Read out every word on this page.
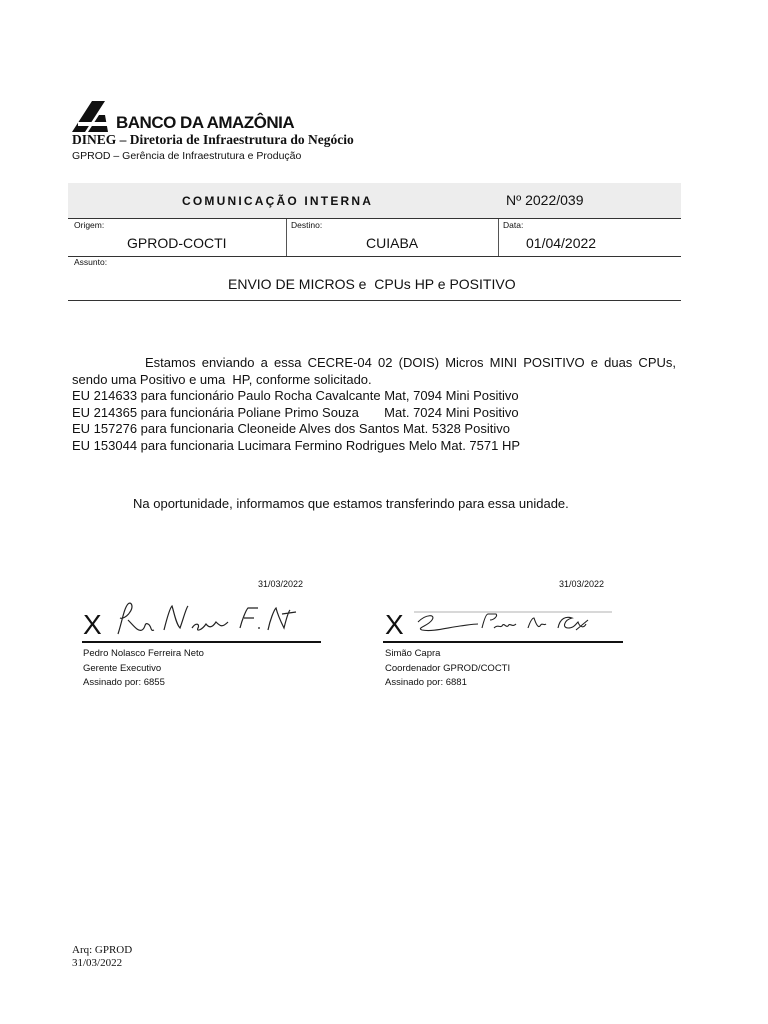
BANCO DA AMAZÔNIA
DINEG – Diretoria de Infraestrutura do Negócio
GPROD – Gerência de Infraestrutura e Produção
COMUNICAÇÃO INTERNA	Nº 2022/039
Origem:
GPROD-COCTI
Destino:
CUIABA
Data:
01/04/2022
Assunto:
ENVIO DE MICROS e  CPUs HP e POSITIVO
Estamos enviando a essa CECRE-04 02 (DOIS) Micros MINI POSITIVO e duas CPUs, sendo uma Positivo e uma  HP, conforme solicitado.
EU 214633 para funcionário Paulo Rocha Cavalcante Mat, 7094 Mini Positivo
EU 214365 para funcionária Poliane Primo Souza       Mat. 7024 Mini Positivo
EU 157276 para funcionaria Cleoneide Alves dos Santos Mat. 5328 Positivo
EU 153044 para funcionaria Lucimara Fermino Rodrigues Melo Mat. 7571 HP
Na oportunidade, informamos que estamos transferindo para essa unidade.
31/03/2022
X
Pedro Nolasco Ferreira Neto
Gerente Executivo
Assinado por: 6855
31/03/2022
X
Simão Capra
Coordenador GPROD/COCTI
Assinado por: 6881
Arq: GPROD
31/03/2022
